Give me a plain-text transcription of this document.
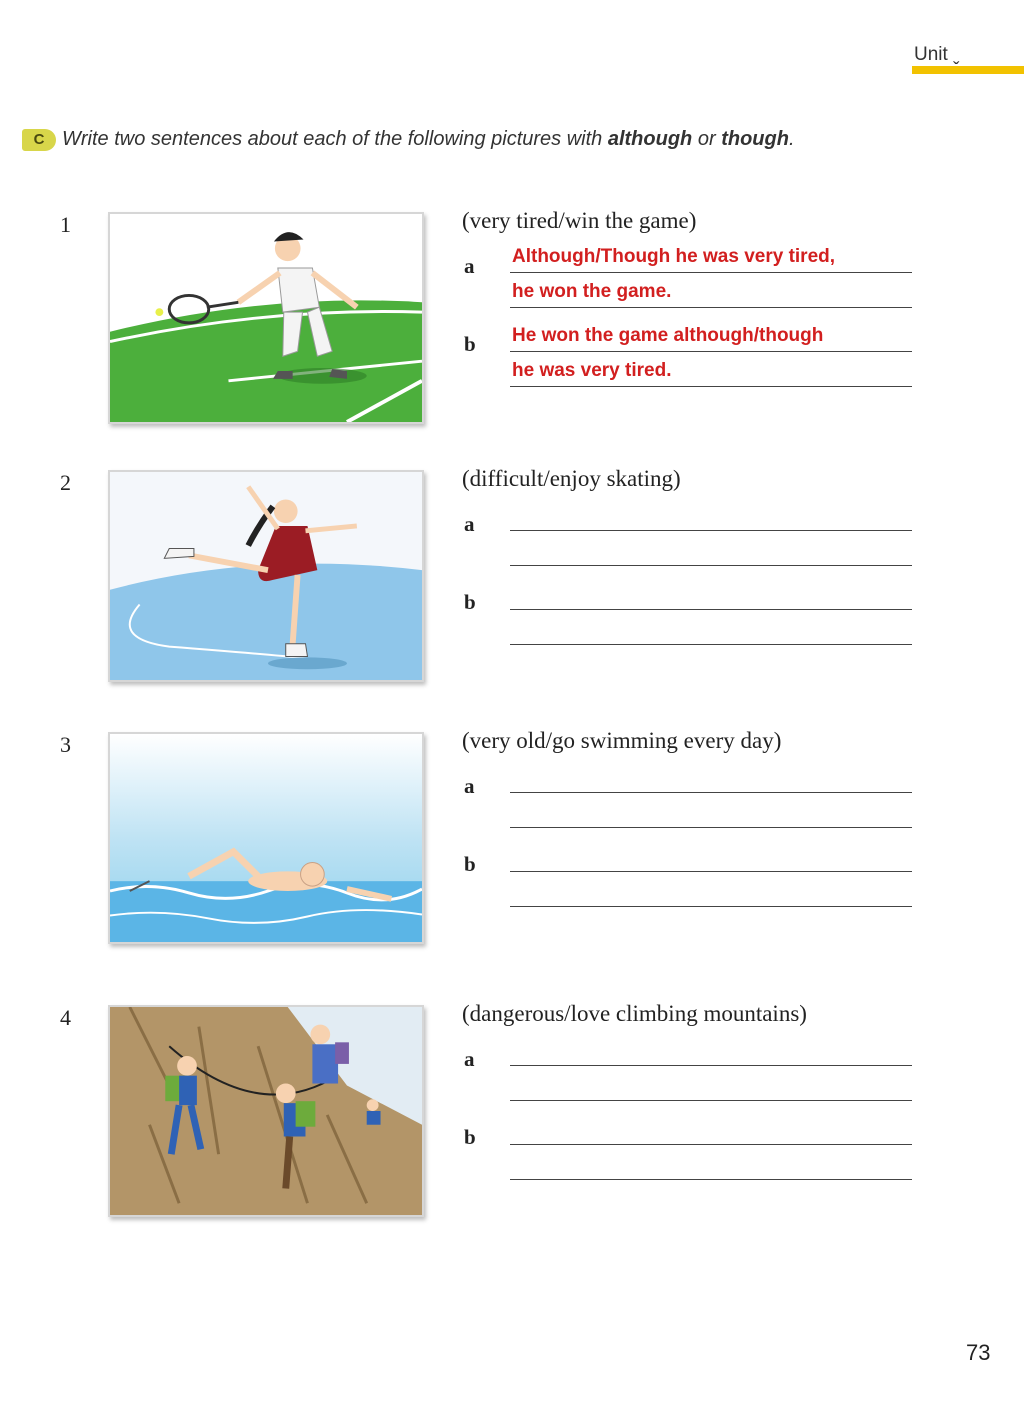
Unit ˬ
C Write two sentences about each of the following pictures with although or though.
1	(very tired/win the game)
a Although/Though he was very tired,
he won the game.
b He won the game although/though
he was very tired.
2	(difficult/enjoy skating)
a
b
3	(very old/go swimming every day)
a
b
4	(dangerous/love climbing mountains)
a
b
73
